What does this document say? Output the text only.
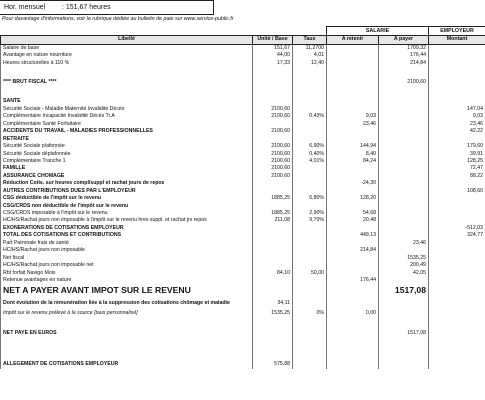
Hor. mensuel : 151,67 heures
Pour davantage d'informations, voir la rubrique dédiée au bulletin de paie sur www.service-public.fr
			SALARIE		EMPLOYEUR
Libellé	Unité / Base	Taux	A retenir	A payer	Montant
Salaire de base	151,67	11,2700		1709,32	
Avantage en nature nourriture	44,00	4,01		176,44	
Heures structurelles à 110 %	17,33	12,40		214,84	

**** BRUT FISCAL ****				2100,60	

SANTE					
Sécurité Sociale - Maladie Maternité Invalidité Décès	2100,60				147,04
Complémentaire Incapacité Invalidité Décès Tr.A	2100,60	0,43%	9,03		9,03
Complémentaire Santé Forfaitaire			23,46		23,46
ACCIDENTS DU TRAVAIL - MALADIES PROFESSIONNELLES	2100,60				42,22
RETRAITE					
Sécurité Sociale plafonnée	2100,60	6,90%	144,94		179,60
Sécurité Sociale déplafonnée	2100,60	0,40%	8,40		39,91
Complémentaire Tranche 1	2100,60	4,01%	84,24		128,25
FAMILLE	2100,60				72,47
ASSURANCE CHOMAGE	2100,60				88,22
Réduction Cotis. sur heures compl/suppl et rachat jours de repos			-24,30		
AUTRES CONTRIBUTIONS DUES PAR L'EMPLOYEUR					108,60
CSG déductible de l'impôt sur le revenu	1885,25	6,80%	128,20		
CSG/CRDS non déductible de l'impôt sur le revenu					
CSG/CRDS imposable à l'impôt sur le revenu	1885,25	2,90%	54,68		
HC/HS/Rachat jours non imposable à l'impôt sur le revenu hres suppl. et rachat jrs repos	211,08	9,70%	20,48		
EXONERATIONS DE COTISATIONS EMPLOYEUR					-512,03
TOTAL DES COTISATIONS ET CONTRIBUTIONS			449,13		324,77
Part Patronale frais de santé				23,46	
HC/HS/Rachat jours non imposable			214,84		
Net fiscal				1535,25	
HC/HS/Rachat jours non imposable net				200,49	
Rbt forfait Navigo Mois	84,10	50,00		42,05	
Retenue avantages en nature			176,44		
NET A PAYER AVANT IMPOT SUR LE REVENU				1517,08	
Dont évolution de la rémunération liée à la suppression des cotisations chômage et maladie	34,11				
Impôt sur le revenu prélevé à la source [taux personnalisé]	1535,25	0%	0,00		

NET PAYE EN EUROS				1517,08	

ALLEGEMENT DE COTISATIONS EMPLOYEUR	575,88				
